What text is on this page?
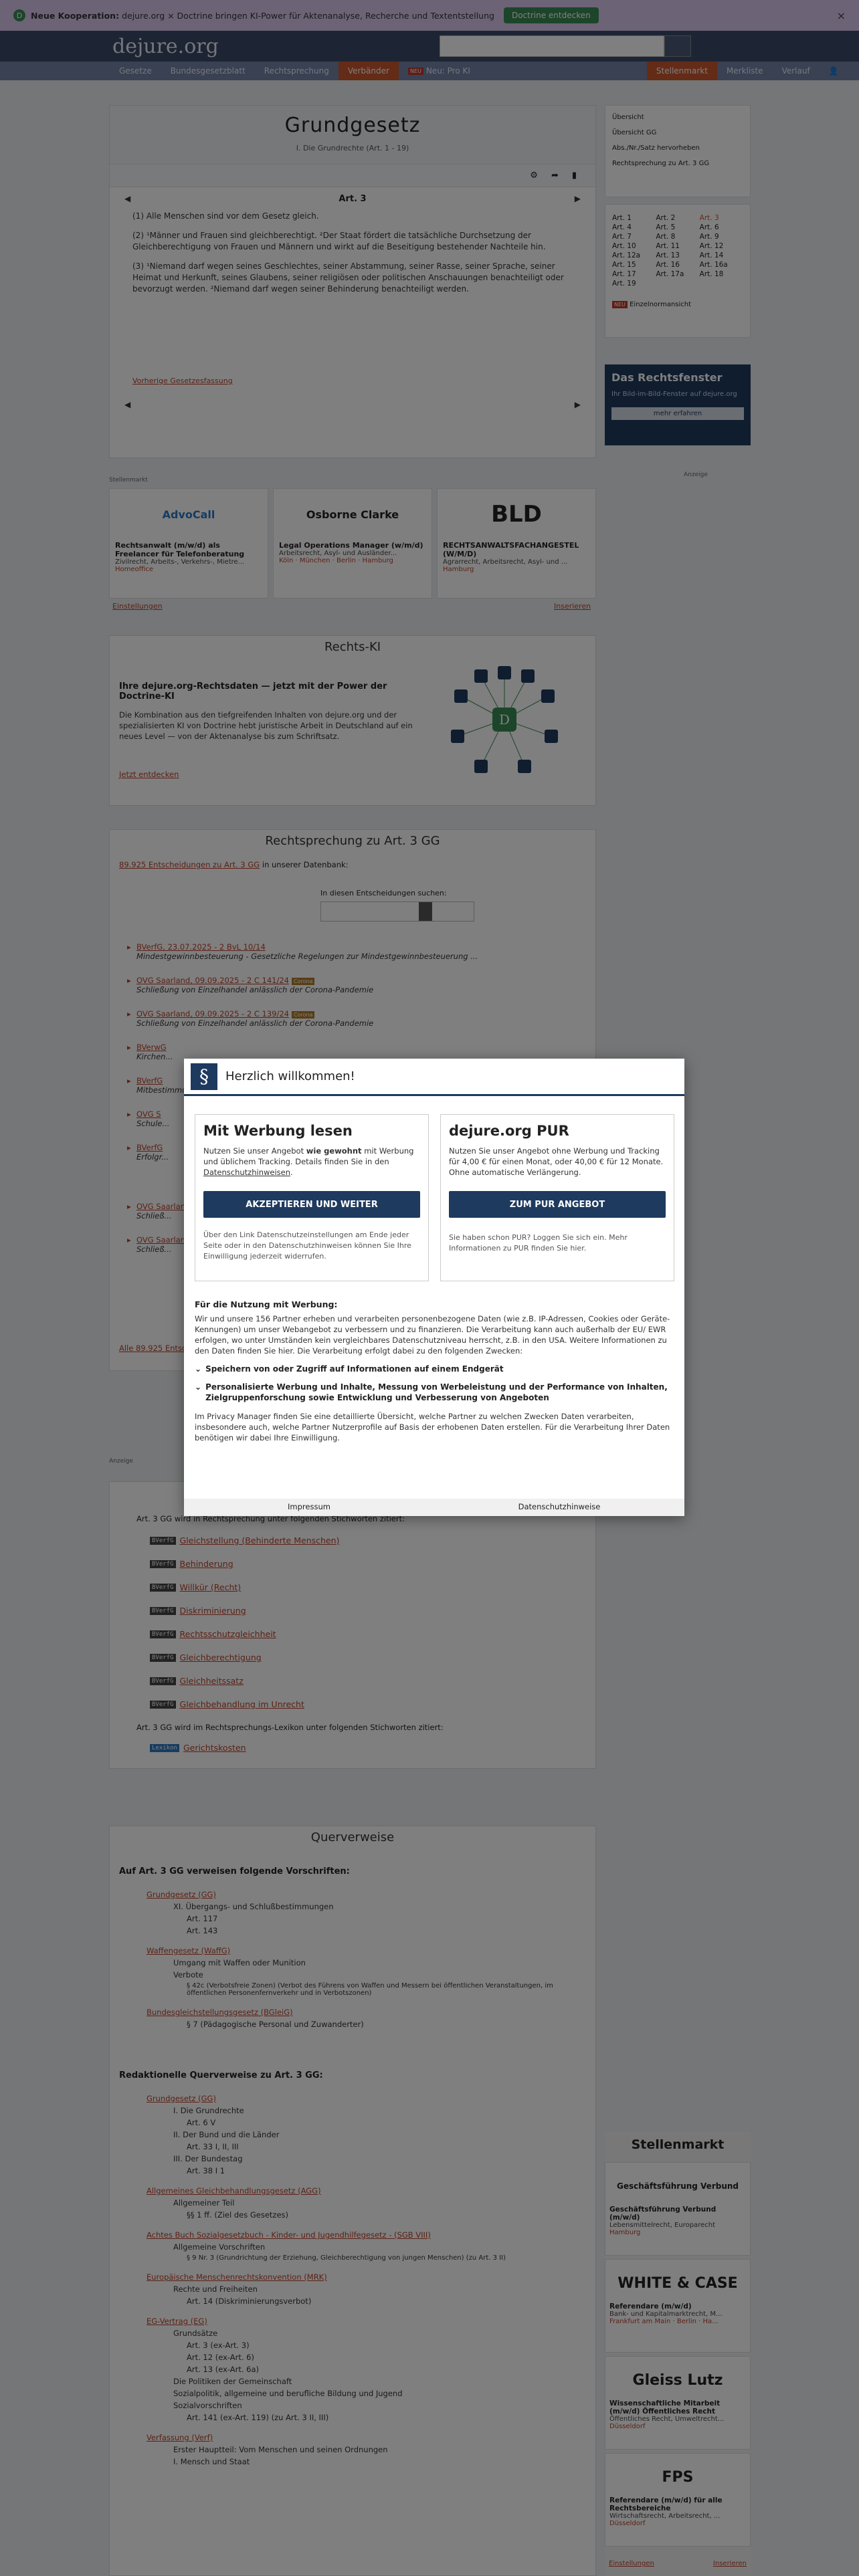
§	Herzlich willkommen!
Mit Werbung lesen
Nutzen Sie unser Angebot wie gewohnt mit Werbung und üblichem Tracking. Details finden Sie in den Datenschutzhinweisen.
AKZEPTIEREN UND WEITER
Über den Link Datenschutzeinstellungen am Ende jeder Seite oder in den Datenschutzhinweisen können Sie Ihre Einwilligung jederzeit widerrufen.
dejure.org PUR
Nutzen Sie unser Angebot ohne Werbung und Tracking für 4,00 € für einen Monat, oder 40,00 € für 12 Monate. Ohne automatische Verlängerung.
ZUM PUR ANGEBOT
Sie haben schon PUR? Loggen Sie sich ein. Mehr Informationen zu PUR finden Sie hier.
Für die Nutzung mit Werbung:
Wir und unsere 156 Partner erheben und verarbeiten personenbezogene Daten (wie z.B. IP-Adressen, Cookies oder Geräte-Kennungen) um unser Webangebot zu verbessern und zu finanzieren. Die Verarbeitung kann auch außerhalb der EU/ EWR erfolgen, wo unter Umständen kein vergleichbares Datenschutzniveau herrscht, z.B. in den USA. Weitere Informationen zu den Daten finden Sie hier. Die Verarbeitung erfolgt dabei zu den folgenden Zwecken:
⌄ Speichern von oder Zugriff auf Informationen auf einem Endgerät
⌄ Personalisierte Werbung und Inhalte, Messung von Werbeleistung und der Performance von Inhalten, Zielgruppenforschung sowie Entwicklung und Verbesserung von Angeboten
Im Privacy Manager finden Sie eine detaillierte Übersicht, welche Partner zu welchen Zwecken Daten verarbeiten, insbesondere auch, welche Partner Nutzerprofile auf Basis der erhobenen Daten erstellen. Für die Verarbeitung Ihrer Daten benötigen wir dabei Ihre Einwilligung.
Impressum	Datenschutzhinweise
